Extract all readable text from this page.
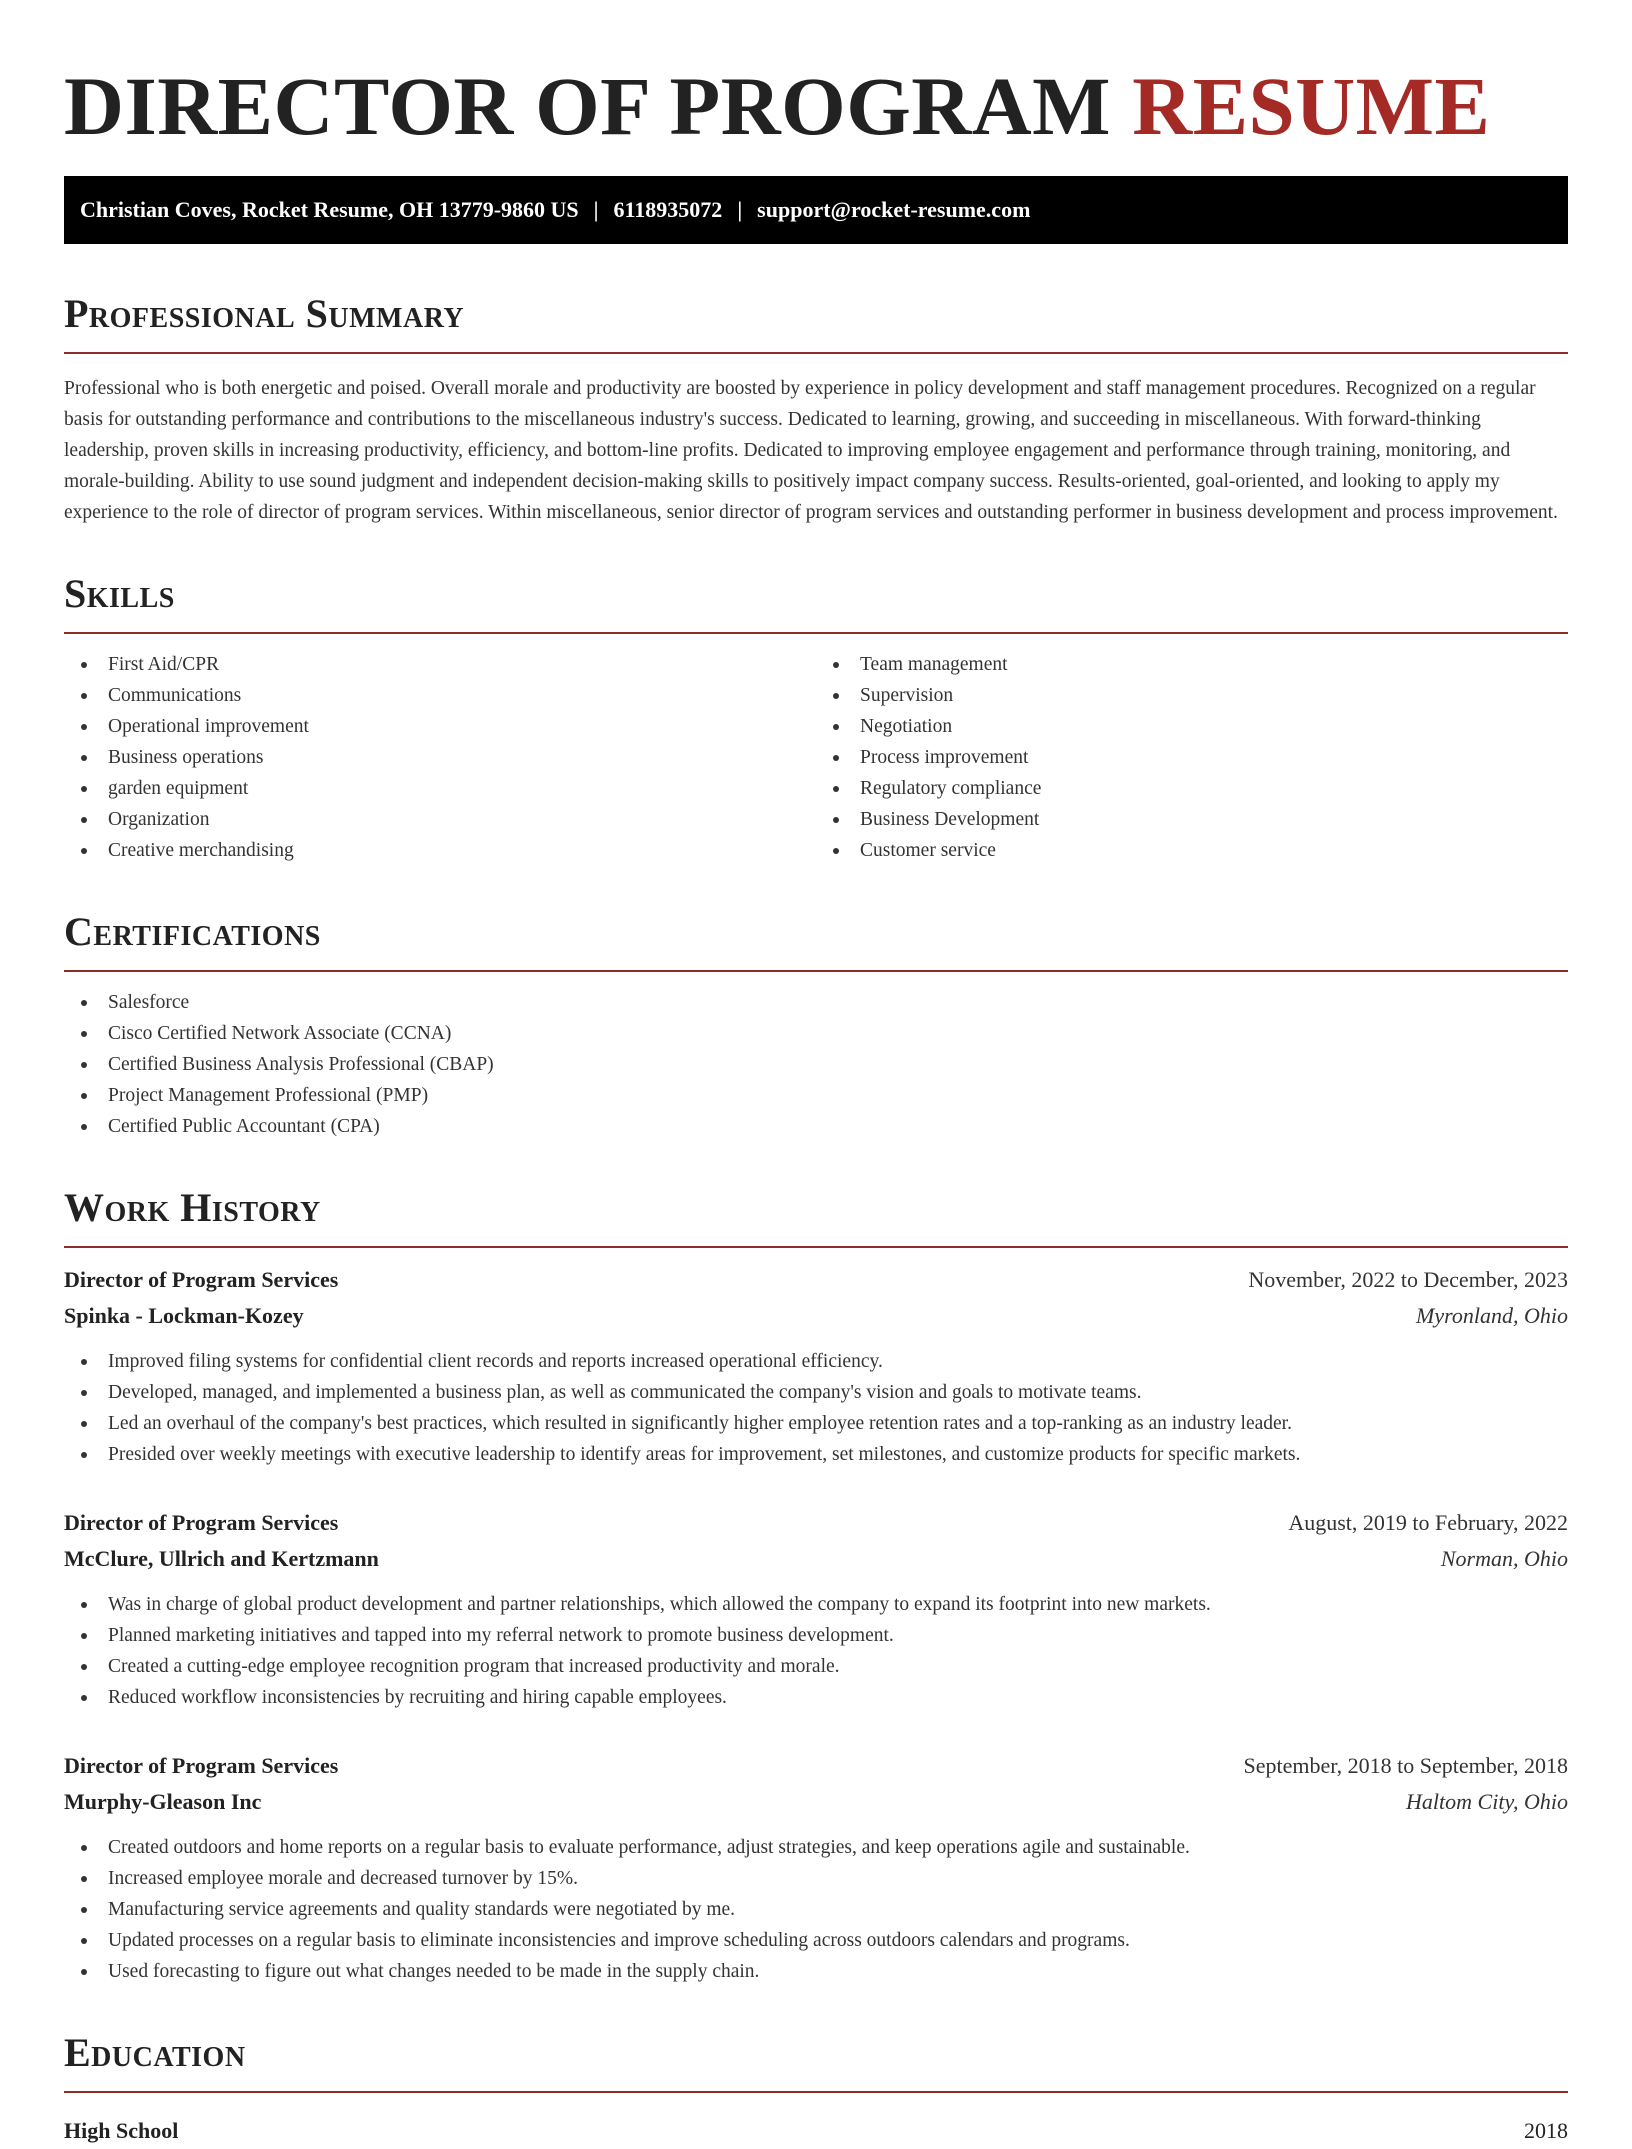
DIRECTOR OF PROGRAM RESUME
Christian Coves, Rocket Resume, OH 13779-9860 US | 6118935072 | support@rocket-resume.com
Professional Summary

Professional who is both energetic and poised. Overall morale and productivity are boosted by experience in policy development and staff management procedures. Recognized on a regular basis for outstanding performance and contributions to the miscellaneous industry's success. Dedicated to learning, growing, and succeeding in miscellaneous. With forward-thinking leadership, proven skills in increasing productivity, efficiency, and bottom-line profits. Dedicated to improving employee engagement and performance through training, monitoring, and morale-building. Ability to use sound judgment and independent decision-making skills to positively impact company success. Results-oriented, goal-oriented, and looking to apply my experience to the role of director of program services. Within miscellaneous, senior director of program services and outstanding performer in business development and process improvement.

Skills
First Aid/CPR
Communications
Operational improvement
Business operations
garden equipment
Organization
Creative merchandising
Team management
Supervision
Negotiation
Process improvement
Regulatory compliance
Business Development
Customer service
Certifications
Salesforce
Cisco Certified Network Associate (CCNA)
Certified Business Analysis Professional (CBAP)
Project Management Professional (PMP)
Certified Public Accountant (CPA)
Work History
Director of Program Services	November, 2022 to December, 2023
Spinka - Lockman-Kozey	Myronland, Ohio
Improved filing systems for confidential client records and reports increased operational efficiency.
Developed, managed, and implemented a business plan, as well as communicated the company's vision and goals to motivate teams.
Led an overhaul of the company's best practices, which resulted in significantly higher employee retention rates and a top-ranking as an industry leader.
Presided over weekly meetings with executive leadership to identify areas for improvement, set milestones, and customize products for specific markets.
Director of Program Services	August, 2019 to February, 2022
McClure, Ullrich and Kertzmann	Norman, Ohio
Was in charge of global product development and partner relationships, which allowed the company to expand its footprint into new markets.
Planned marketing initiatives and tapped into my referral network to promote business development.
Created a cutting-edge employee recognition program that increased productivity and morale.
Reduced workflow inconsistencies by recruiting and hiring capable employees.
Director of Program Services	September, 2018 to September, 2018
Murphy-Gleason Inc	Haltom City, Ohio
Created outdoors and home reports on a regular basis to evaluate performance, adjust strategies, and keep operations agile and sustainable.
Increased employee morale and decreased turnover by 15%.
Manufacturing service agreements and quality standards were negotiated by me.
Updated processes on a regular basis to eliminate inconsistencies and improve scheduling across outdoors calendars and programs.
Used forecasting to figure out what changes needed to be made in the supply chain.
Education
High School	2018
